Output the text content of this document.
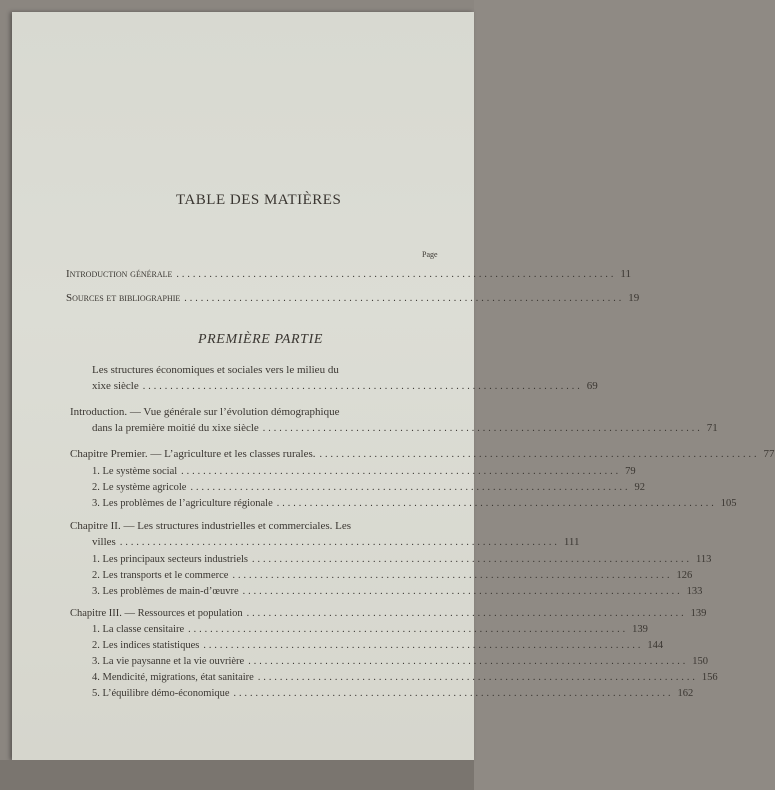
TABLE DES MATIÈRES
Page
Introduction générale ................................................................................ 11
Sources et bibliographie ................................................................................ 19
PREMIÈRE PARTIE
Les structures économiques et sociales vers le milieu du
xixe siècle ................................................................................ 69
Introduction. — Vue générale sur l’évolution démographique
dans la première moitié du xixe siècle ................................................................................ 71
Chapitre Premier. — L’agriculture et les classes rurales. ................................................................................ 77
1. Le système social ................................................................................ 79
2. Le système agricole ................................................................................ 92
3. Les problèmes de l’agriculture régionale ................................................................................ 105
Chapitre II. — Les structures industrielles et commerciales. Les
villes ................................................................................ 111
1. Les principaux secteurs industriels ................................................................................ 113
2. Les transports et le commerce ................................................................................ 126
3. Les problèmes de main-d’œuvre ................................................................................ 133
Chapitre III. — Ressources et population ................................................................................ 139
1. La classe censitaire ................................................................................ 139
2. Les indices statistiques ................................................................................ 144
3. La vie paysanne et la vie ouvrière ................................................................................ 150
4. Mendicité, migrations, état sanitaire ................................................................................ 156
5. L’équilibre démo-économique ................................................................................ 162
